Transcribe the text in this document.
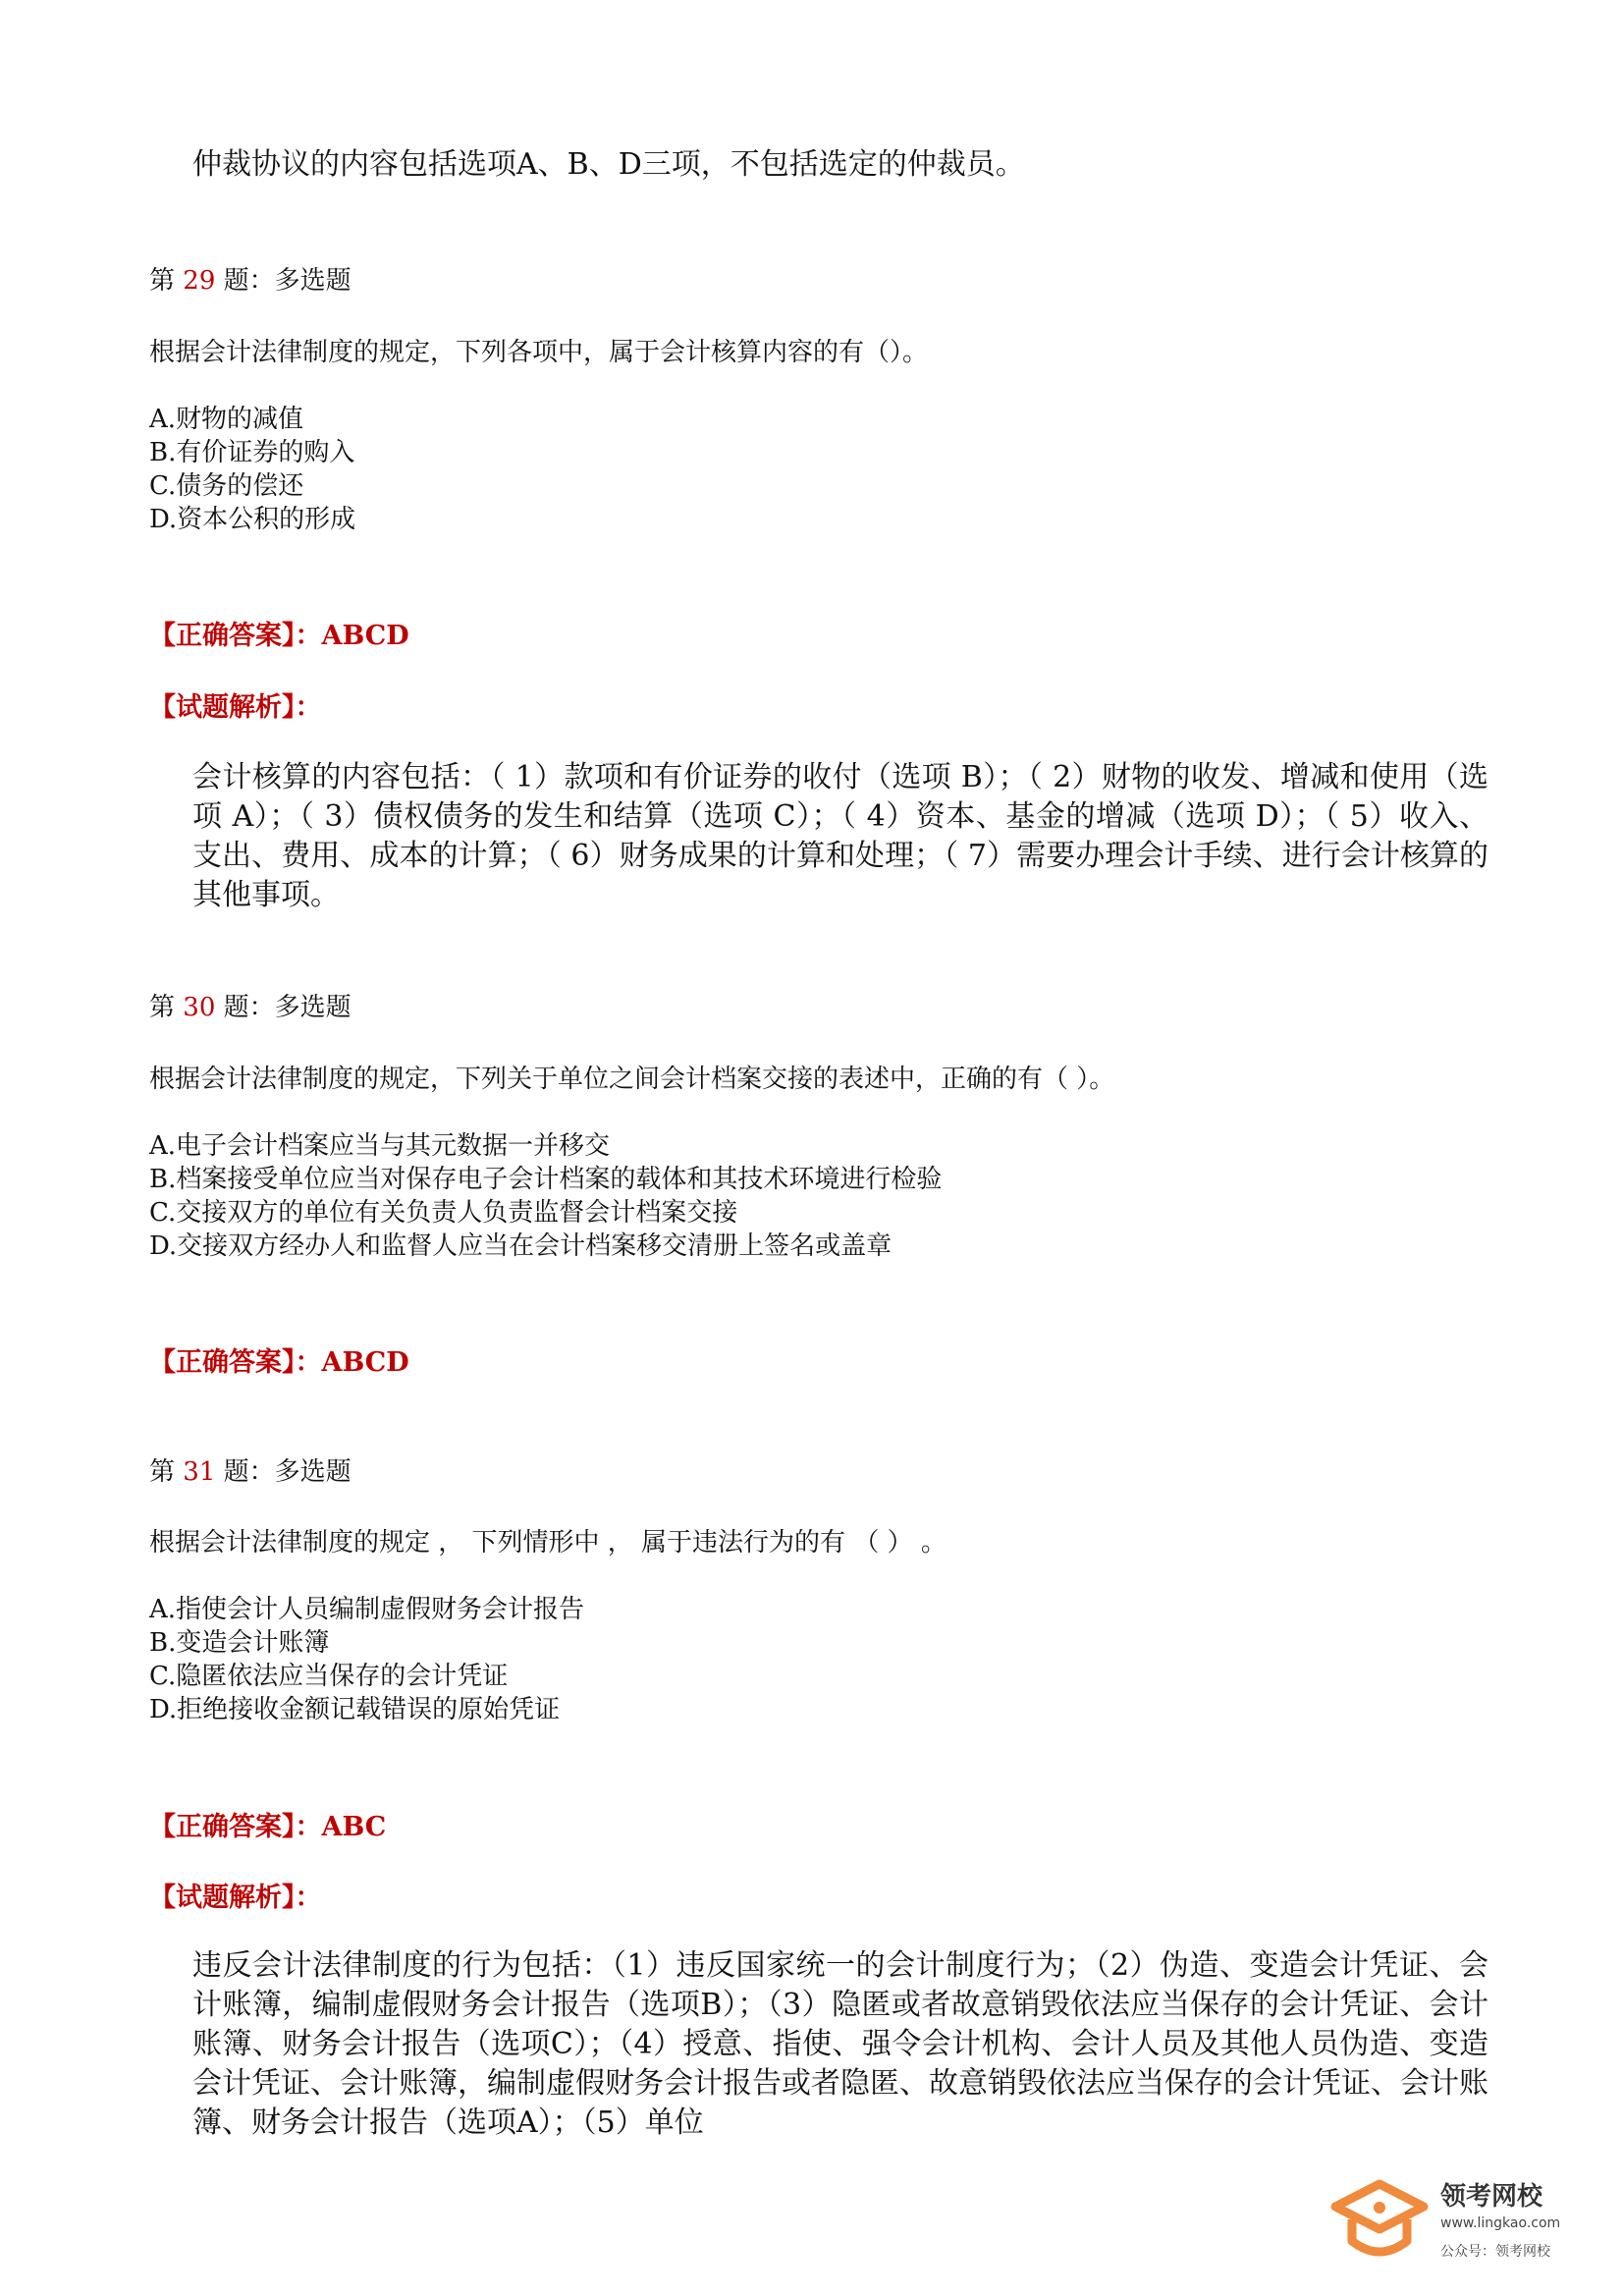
仲裁协议的内容包括选项A、B、D三项，不包括选定的仲裁员。
第 29 题：多选题
根据会计法律制度的规定，下列各项中，属于会计核算内容的有（）。
A.财物的减值
B.有价证券的购入
C.债务的偿还
D.资本公积的形成
【正确答案】：ABCD
【试题解析】：
会计核算的内容包括：（ 1）款项和有价证券的收付（选项 B）；（ 2）财物的收发、增减和使用（选项 A）；（ 3）债权债务的发生和结算（选项 C）；（ 4）资本、基金的增减（选项 D）；（ 5）收入、支出、费用、成本的计算；（ 6）财务成果的计算和处理；（ 7）需要办理会计手续、进行会计核算的其他事项。
第 30 题：多选题
根据会计法律制度的规定，下列关于单位之间会计档案交接的表述中，正确的有（ ）。
A.电子会计档案应当与其元数据一并移交
B.档案接受单位应当对保存电子会计档案的载体和其技术环境进行检验
C.交接双方的单位有关负责人负责监督会计档案交接
D.交接双方经办人和监督人应当在会计档案移交清册上签名或盖章
【正确答案】：ABCD
第 31 题：多选题
根据会计法律制度的规定 ， 下列情形中 ， 属于违法行为的有 （ ） 。
A.指使会计人员编制虚假财务会计报告
B.变造会计账簿
C.隐匿依法应当保存的会计凭证
D.拒绝接收金额记载错误的原始凭证
【正确答案】：ABC
【试题解析】：
违反会计法律制度的行为包括：（1）违反国家统一的会计制度行为；（2）伪造、变造会计凭证、会计账簿，编制虚假财务会计报告（选项B）；（3）隐匿或者故意销毁依法应当保存的会计凭证、会计账簿、财务会计报告（选项C）；（4）授意、指使、强令会计机构、会计人员及其他人员伪造、变造会计凭证、会计账簿，编制虚假财务会计报告或者隐匿、故意销毁依法应当保存的会计凭证、会计账簿、财务会计报告（选项A）；（5）单位
领考网校
www.lingkao.com
公众号：领考网校
